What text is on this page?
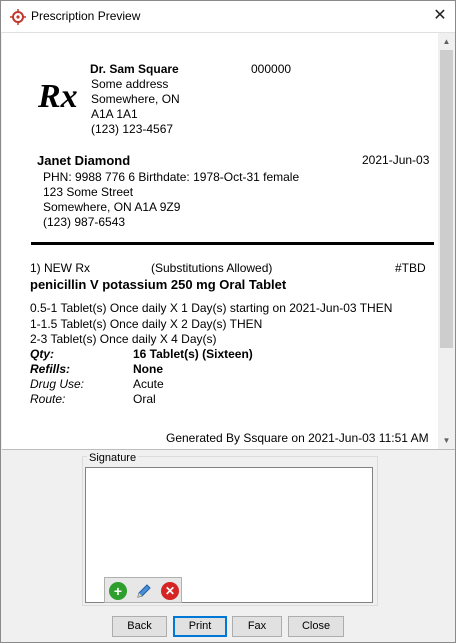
Prescription Preview	✕
Dr. Sam Square	000000
Some address
Somewhere, ON
A1A 1A1
(123) 123-4567
Rx
Janet Diamond	2021-Jun-03
PHN: 9988 776 6 Birthdate: 1978-Oct-31 female
123 Some Street
Somewhere, ON A1A 9Z9
(123) 987-6543
1) NEW Rx	(Substitutions Allowed)	#TBD
penicillin V potassium 250 mg Oral Tablet
0.5-1 Tablet(s) Once daily X 1 Day(s) starting on 2021-Jun-03 THEN
1-1.5 Tablet(s) Once daily X 2 Day(s) THEN
2-3 Tablet(s) Once daily X 4 Day(s)
Qty:	16 Tablet(s) (Sixteen)
Refills:	None
Drug Use:	Acute
Route:	Oral
Generated By Ssquare on 2021-Jun-03 11:51 AM
▲
▼
Signature
+	✕
Back	Print	Fax	Close
